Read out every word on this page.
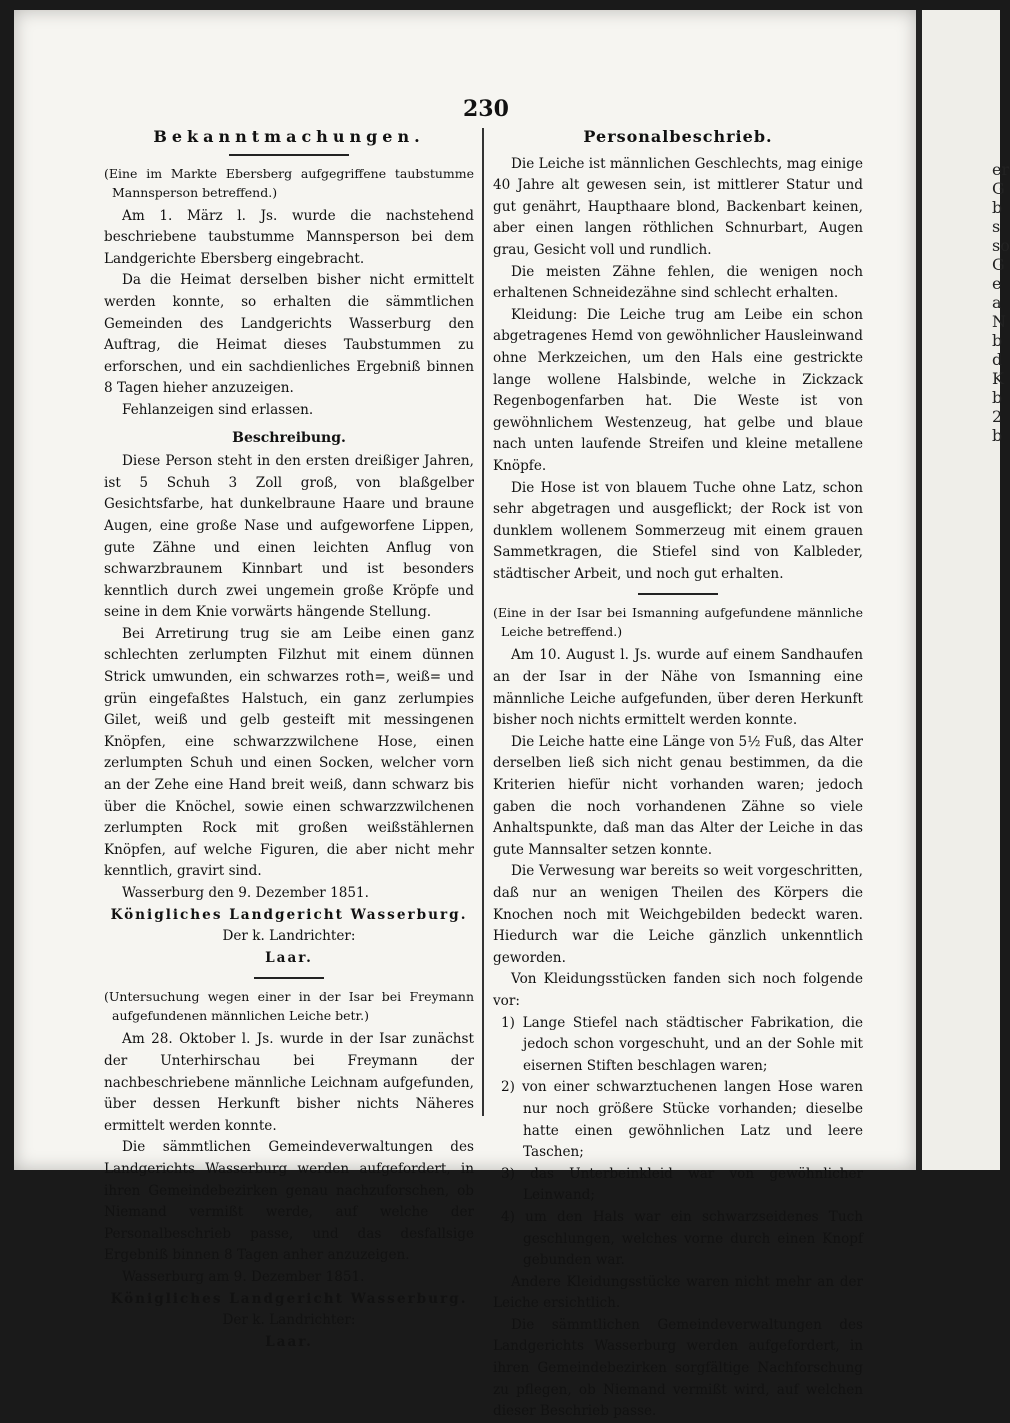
er
G
b
s
so
G
e
a
N
b
d
K
b
2
b
230
Bekanntmachungen.
(Eine im Markte Ebersberg aufgegriffene taubstumme Mannsperson betreffend.)

Am 1. März l. Js. wurde die nachstehend beschriebene taubstumme Mannsperson bei dem Landgerichte Ebersberg eingebracht.

Da die Heimat derselben bisher nicht ermittelt werden konnte, so erhalten die sämmtlichen Gemeinden des Landgerichts Wasserburg den Auftrag, die Heimat dieses Taubstummen zu erforschen, und ein sachdienliches Ergebniß binnen 8 Tagen hieher anzuzeigen.

Fehlanzeigen sind erlassen.

Beschreibung.

Diese Person steht in den ersten dreißiger Jahren, ist 5 Schuh 3 Zoll groß, von blaßgelber Gesichtsfarbe, hat dunkelbraune Haare und braune Augen, eine große Nase und aufgeworfene Lippen, gute Zähne und einen leichten Anflug von schwarzbraunem Kinnbart und ist besonders kenntlich durch zwei ungemein große Kröpfe und seine in dem Knie vorwärts hängende Stellung.

Bei Arretirung trug sie am Leibe einen ganz schlechten zerlumpten Filzhut mit einem dünnen Strick umwunden, ein schwarzes roth=, weiß= und grün eingefaßtes Halstuch, ein ganz zerlumpies Gilet, weiß und gelb gesteift mit messingenen Knöpfen, eine schwarzzwilchene Hose, einen zerlumpten Schuh und einen Socken, welcher vorn an der Zehe eine Hand breit weiß, dann schwarz bis über die Knöchel, sowie einen schwarzzwilchenen zerlumpten Rock mit großen weißstählernen Knöpfen, auf welche Figuren, die aber nicht mehr kenntlich, gravirt sind.

Wasserburg den 9. Dezember 1851.

Königliches Landgericht Wasserburg.

Der k. Landrichter:

Laar.

(Untersuchung wegen einer in der Isar bei Freymann aufgefundenen männlichen Leiche betr.)

Am 28. Oktober l. Js. wurde in der Isar zunächst der Unterhirschau bei Freymann der nachbeschriebene männliche Leichnam aufgefunden, über dessen Herkunft bisher nichts Näheres ermittelt werden konnte.

Die sämmtlichen Gemeindeverwaltungen des Landgerichts Wasserburg werden aufgefordert, in ihren Gemeindebezirken genau nachzuforschen, ob Niemand vermißt werde, auf welche der Personalbeschrieb passe, und das desfallsige Ergebniß binnen 8 Tagen anher anzuzeigen.

Wasserburg am 9. Dezember 1851.

Königliches Landgericht Wasserburg.

Der k. Landrichter:

Laar.

Personalbeschrieb.

Die Leiche ist männlichen Geschlechts, mag einige 40 Jahre alt gewesen sein, ist mittlerer Statur und gut genährt, Haupthaare blond, Backenbart keinen, aber einen langen röthlichen Schnurbart, Augen grau, Gesicht voll und rundlich.

Die meisten Zähne fehlen, die wenigen noch erhaltenen Schneidezähne sind schlecht erhalten.

Kleidung: Die Leiche trug am Leibe ein schon abgetragenes Hemd von gewöhnlicher Hausleinwand ohne Merkzeichen, um den Hals eine gestrickte lange wollene Halsbinde, welche in Zickzack Regenbogenfarben hat. Die Weste ist von gewöhnlichem Westenzeug, hat gelbe und blaue nach unten laufende Streifen und kleine metallene Knöpfe.

Die Hose ist von blauem Tuche ohne Latz, schon sehr abgetragen und ausgeflickt; der Rock ist von dunklem wollenem Sommerzeug mit einem grauen Sammetkragen, die Stiefel sind von Kalbleder, städtischer Arbeit, und noch gut erhalten.

(Eine in der Isar bei Ismanning aufgefundene männliche Leiche betreffend.)

Am 10. August l. Js. wurde auf einem Sandhaufen an der Isar in der Nähe von Ismanning eine männliche Leiche aufgefunden, über deren Herkunft bisher noch nichts ermittelt werden konnte.

Die Leiche hatte eine Länge von 5½ Fuß, das Alter derselben ließ sich nicht genau bestimmen, da die Kriterien hiefür nicht vorhanden waren; jedoch gaben die noch vorhandenen Zähne so viele Anhaltspunkte, daß man das Alter der Leiche in das gute Mannsalter setzen konnte.

Die Verwesung war bereits so weit vorgeschritten, daß nur an wenigen Theilen des Körpers die Knochen noch mit Weichgebilden bedeckt waren. Hiedurch war die Leiche gänzlich unkenntlich geworden.

Von Kleidungsstücken fanden sich noch folgende vor:

1) Lange Stiefel nach städtischer Fabrikation, die jedoch schon vorgeschuht, und an der Sohle mit eisernen Stiften beschlagen waren;

2) von einer schwarztuchenen langen Hose waren nur noch größere Stücke vorhanden; dieselbe hatte einen gewöhnlichen Latz und leere Taschen;

3) das Unterbeinkleid war von gewöhnlicher Leinwand;

4) um den Hals war ein schwarzseidenes Tuch geschlungen, welches vorne durch einen Knopf gebunden war.

Andere Kleidungsstücke waren nicht mehr an der Leiche ersichtlich.

Die sämmtlichen Gemeindeverwaltungen des Landgerichts Wasserburg werden aufgefordert, in ihren Gemeindebezirken sorgfältige Nachforschung zu pflegen, ob Niemand vermißt wird, auf welchen dieser Beschrieb passe.
